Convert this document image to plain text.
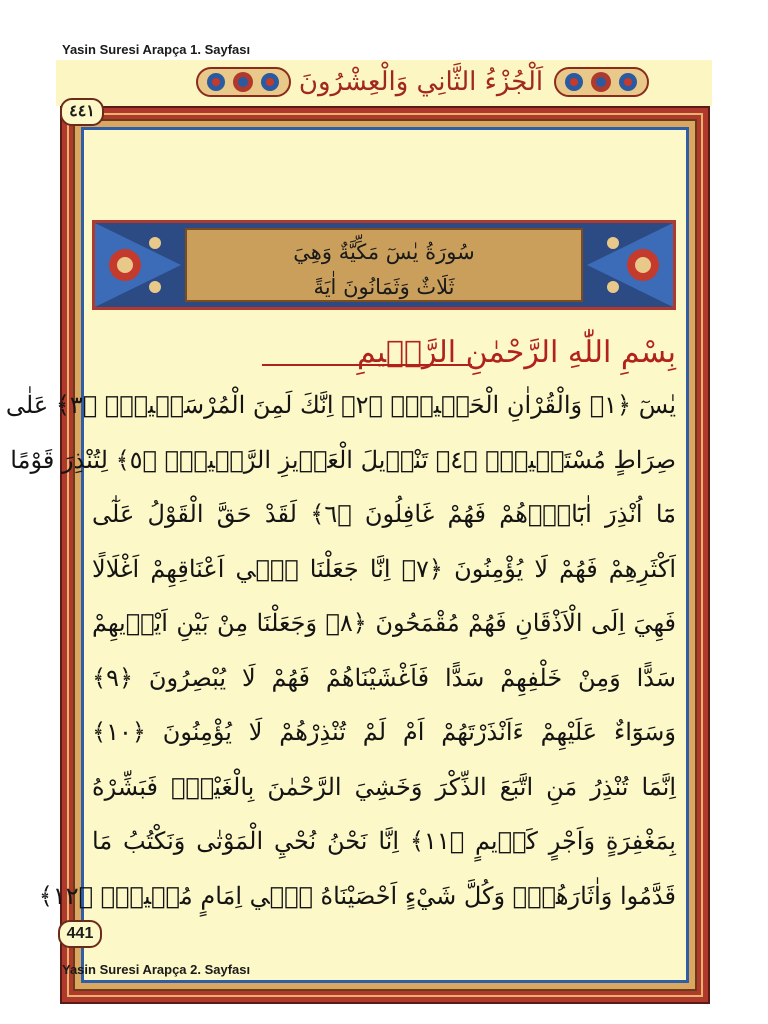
Yasin Suresi Arapça 1. Sayfası
اَلْجُزْءُ الثَّانِي وَالْعِشْرُونَ
٤٤١
441
سُورَةُ يٰسٓ مَكِّيَّةٌ وَهِيَ
ثَلَاثٌ وَثَمَانُونَ اٰيَةً
بِسْمِ اللّٰهِ الرَّحْمٰنِ الرَّح۪يمِ
يٰسٓ ﴿١﴾ وَالْقُرْاٰنِ الْحَك۪يمِۙ ﴿٢﴾ اِنَّكَ لَمِنَ الْمُرْسَل۪ينَۙ ﴿٣﴾ عَلٰى
صِرَاطٍ مُسْتَق۪يمٍۜ ﴿٤﴾ تَنْز۪يلَ الْعَز۪يزِ الرَّح۪يمِۙ ﴿٥﴾ لِتُنْذِرَ قَوْمًا
مَٓا اُنْذِرَ اٰبَٓاؤُ۬هُمْ فَهُمْ غَافِلُونَ ﴿٦﴾ لَقَدْ حَقَّ الْقَوْلُ عَلٰٓى
اَكْثَرِهِمْ فَهُمْ لَا يُؤْمِنُونَ ﴿٧﴾ اِنَّا جَعَلْنَا ف۪ٓي اَعْنَاقِهِمْ اَغْلَالًا
فَهِيَ اِلَى الْاَذْقَانِ فَهُمْ مُقْمَحُونَ ﴿٨﴾ وَجَعَلْنَا مِنْ بَيْنِ اَيْد۪يهِمْ
سَدًّا وَمِنْ خَلْفِهِمْ سَدًّا فَاَغْشَيْنَاهُمْ فَهُمْ لَا يُبْصِرُونَ ﴿٩﴾
وَسَوَٓاءٌ عَلَيْهِمْ ءَاَنْذَرْتَهُمْ اَمْ لَمْ تُنْذِرْهُمْ لَا يُؤْمِنُونَ ﴿١٠﴾
اِنَّمَا تُنْذِرُ مَنِ اتَّبَعَ الذِّكْرَ وَخَشِيَ الرَّحْمٰنَ بِالْغَيْبِۚ فَبَشِّرْهُ
بِمَغْفِرَةٍ وَاَجْرٍ كَر۪يمٍ ﴿١١﴾ اِنَّا نَحْنُ نُحْيِ الْمَوْتٰى وَنَكْتُبُ مَا
قَدَّمُوا وَاٰثَارَهُمْۜ وَكُلَّ شَيْءٍ اَحْصَيْنَاهُ ف۪ٓي اِمَامٍ مُب۪ينٍ۟ ﴿١٢﴾
Yasin Suresi Arapça 2. Sayfası
